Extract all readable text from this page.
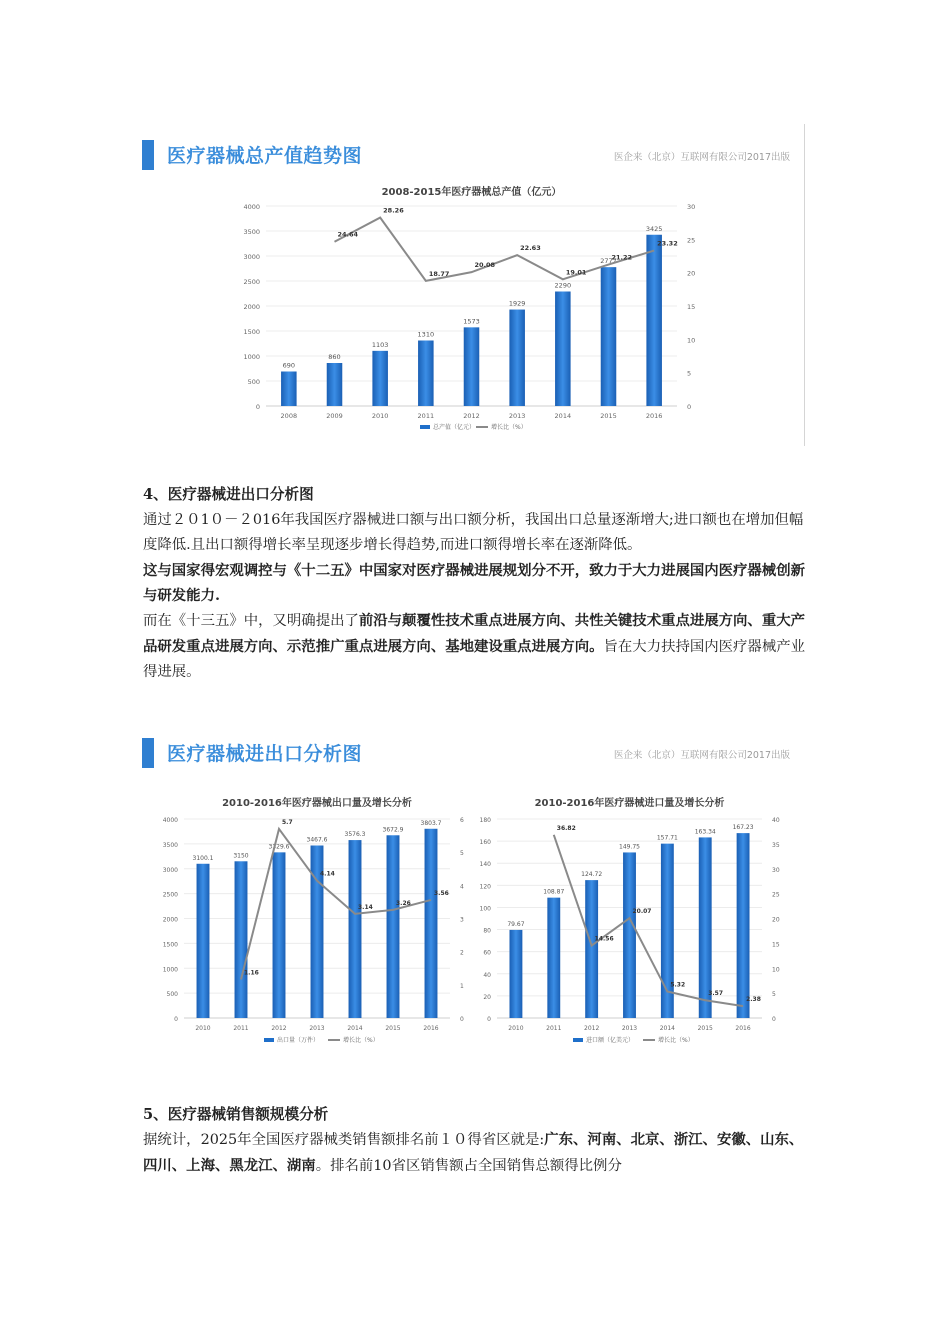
医疗器械总产值趋势图	医企来（北京）互联网有限公司2017出版
2008-2015年医疗器械总产值（亿元）
0
500
1000
1500
2000
2500
3000
3500
4000
0
5
10
15
20
25
30
690
2008
860
2009
1103
2010
1310
2011
1573
2012
1929
2013
2290
2014
2777
2015
3425
2016
24.64
28.26
18.77
20.08
22.63
19.01
21.22
23.32
总产值（亿元）	增长比（%）
4、医疗器械进出口分析图

通过２０1０－２016年我国医疗器械进口额与出口额分析，我国出口总量逐渐增大;进口额也在增加但幅度降低.且出口额得增长率呈现逐步增长得趋势,而进口额得增长率在逐渐降低。

这与国家得宏观调控与《十二五》中国家对医疗器械进展规划分不开，致力于大力进展国内医疗器械创新与研发能力.

而在《十三五》中，又明确提出了前沿与颠覆性技术重点进展方向、共性关键技术重点进展方向、重大产品研发重点进展方向、示范推广重点进展方向、基地建设重点进展方向。旨在大力扶持国内医疗器械产业得进展。

医疗器械进出口分析图	医企来（北京）互联网有限公司2017出版
2010-2016年医疗器械出口量及增长分析
0
500
1000
1500
2000
2500
3000
3500
4000
0
1
2
3
4
5
6
3100.1
2010
3150
2011
3329.6
2012
3467.6
2013
3576.3
2014
3672.9
2015
3803.7
2016
1.16
5.7
4.14
3.14
3.26
3.56
出口量（万件）	增长比（%）
2010-2016年医疗器械进口量及增长分析
0
20
40
60
80
100
120
140
160
180
0
5
10
15
20
25
30
35
40
79.67
2010
108.87
2011
124.72
2012
149.75
2013
157.71
2014
163.34
2015
167.23
2016
36.82
14.56
20.07
5.32
3.57
2.38
进口额（亿美元）	增长比（%）
5、医疗器械销售额规模分析

据统计，2025年全国医疗器械类销售额排名前１０得省区就是:广东、河南、北京、浙江、安徽、山东、四川、上海、黑龙江、湖南。排名前10省区销售额占全国销售总额得比例分
